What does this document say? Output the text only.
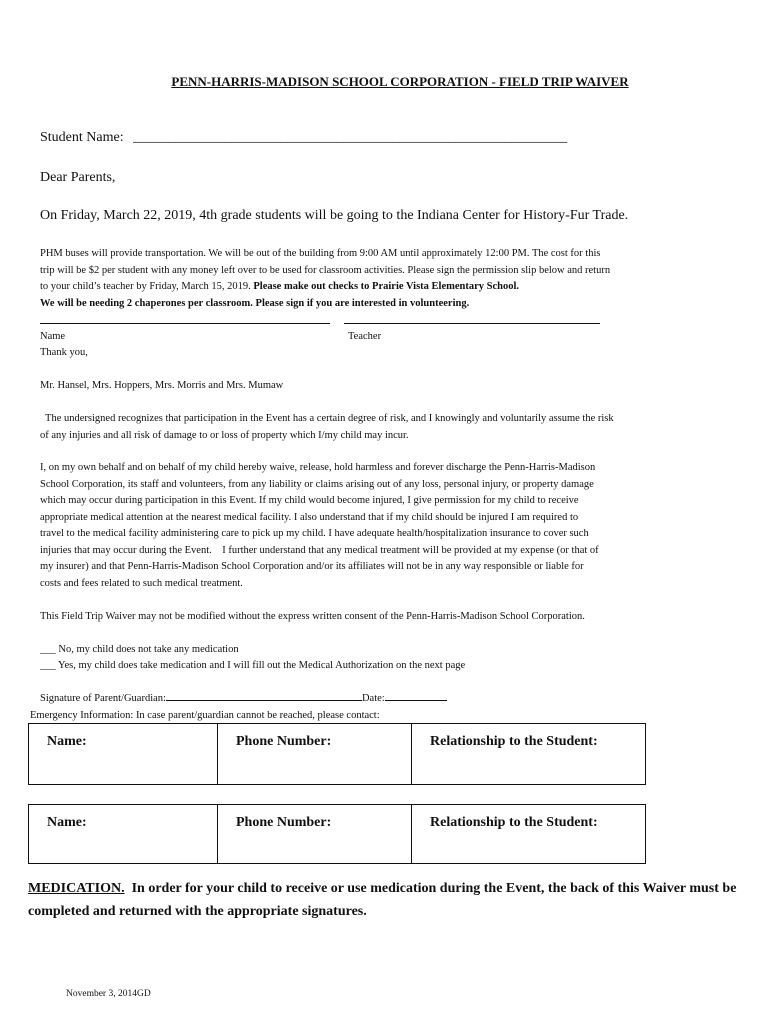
PENN-HARRIS-MADISON SCHOOL CORPORATION - FIELD TRIP WAIVER
Student Name: ______________________________________________________________
Dear Parents,
On Friday, March 22, 2019, 4th grade students will be going to the Indiana Center for History-Fur Trade.
PHM buses will provide transportation. We will be out of the building from 9:00 AM until approximately 12:00 PM. The cost for this
trip will be $2 per student with any money left over to be used for classroom activities. Please sign the permission slip below and return
to your child’s teacher by Friday, March 15, 2019. Please make out checks to Prairie Vista Elementary School.
We will be needing 2 chaperones per classroom. Please sign if you are interested in volunteering.
Name	Teacher
Thank you,
Mr. Hansel, Mrs. Hoppers, Mrs. Morris and Mrs. Mumaw
The undersigned recognizes that participation in the Event has a certain degree of risk, and I knowingly and voluntarily assume the risk
of any injuries and all risk of damage to or loss of property which I/my child may incur.
I, on my own behalf and on behalf of my child hereby waive, release, hold harmless and forever discharge the Penn-Harris-Madison
School Corporation, its staff and volunteers, from any liability or claims arising out of any loss, personal injury, or property damage
which may occur during participation in this Event. If my child would become injured, I give permission for my child to receive
appropriate medical attention at the nearest medical facility. I also understand that if my child should be injured I am required to
travel to the medical facility administering care to pick up my child. I have adequate health/hospitalization insurance to cover such
injuries that may occur during the Event.    I further understand that any medical treatment will be provided at my expense (or that of
my insurer) and that Penn-Harris-Madison School Corporation and/or its affiliates will not be in any way responsible or liable for
costs and fees related to such medical treatment.
This Field Trip Waiver may not be modified without the express written consent of the Penn-Harris-Madison School Corporation.
___ No, my child does not take any medication
___ Yes, my child does take medication and I will fill out the Medical Authorization on the next page
Signature of Parent/Guardian:	Date:
Emergency Information: In case parent/guardian cannot be reached, please contact:
Name:	Phone Number:	Relationship to the Student:
Name:	Phone Number:	Relationship to the Student:
MEDICATION.  In order for your child to receive or use medication during the Event, the back of this Waiver must be completed and returned with the appropriate signatures.
November 3, 2014GD
